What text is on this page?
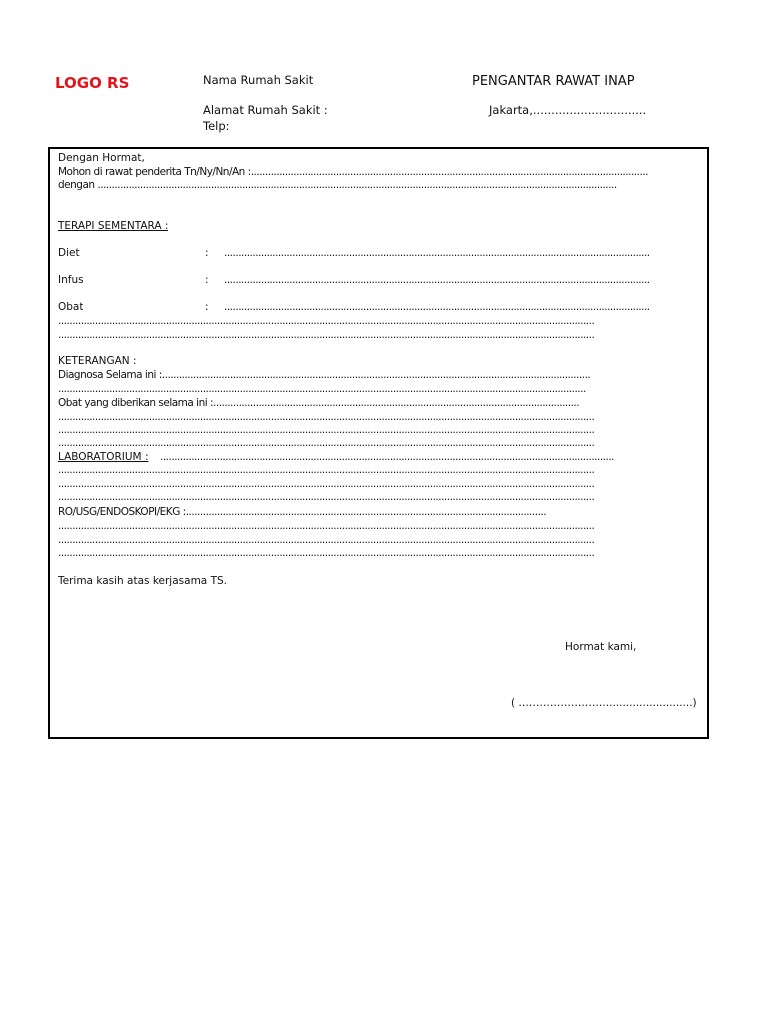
LOGO RS	Nama Rumah Sakit
Alamat Rumah Sakit :
Telp:
PENGANTAR RAWAT INAP
Jakarta,...............................
Dengan Hormat,
Mohon di rawat penderita Tn/Ny/Nn/An :............................................................................................................................................
dengan .......................................................................................................................................................................................
TERAPI SEMENTARA :
Diet	: ......................................................................................................................................................
Infus	: ......................................................................................................................................................
Obat	: ......................................................................................................................................................
.............................................................................................................................................................................................
.............................................................................................................................................................................................
KETERANGAN :
Diagnosa Selama ini :.......................................................................................................................................................
..........................................................................................................................................................................................
Obat yang diberikan selama ini :.................................................................................................................................
.............................................................................................................................................................................................
.............................................................................................................................................................................................
.............................................................................................................................................................................................
LABORATORIUM : ................................................................................................................................................................
.............................................................................................................................................................................................
.............................................................................................................................................................................................
.............................................................................................................................................................................................
RO/USG/ENDOSKOPI/EKG :...............................................................................................................................
.............................................................................................................................................................................................
.............................................................................................................................................................................................
.............................................................................................................................................................................................
Terima kasih atas kerjasama TS.
Hormat kami,
( ……………………...........................)
